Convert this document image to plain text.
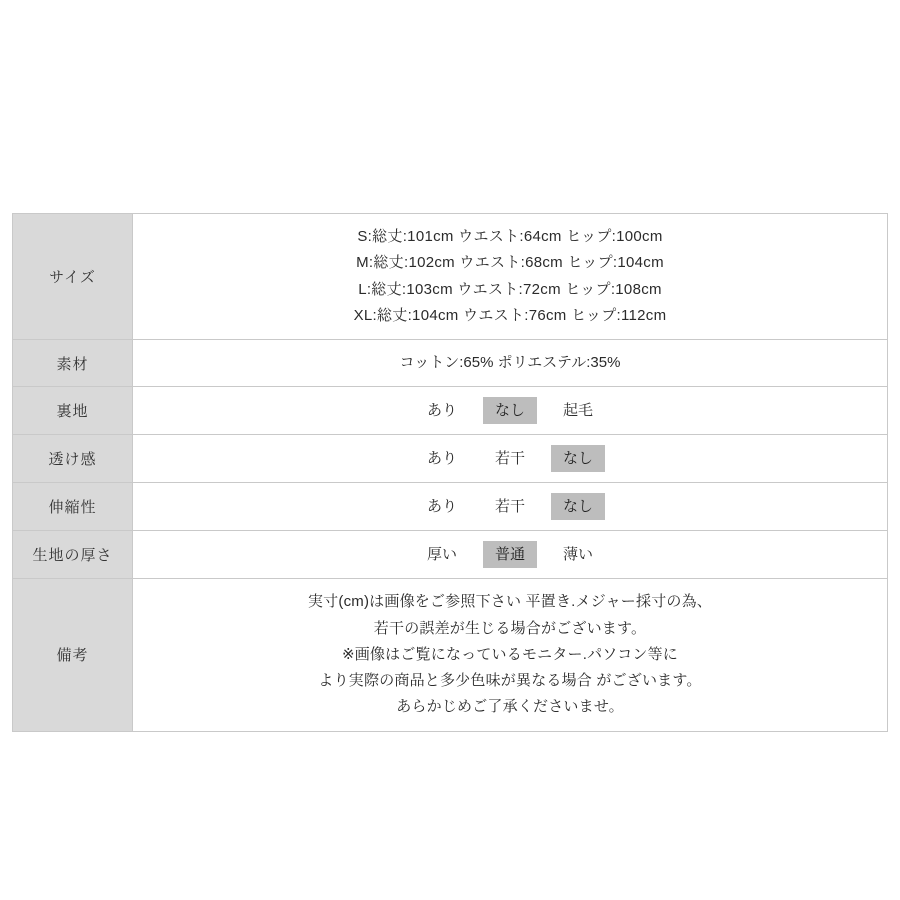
サイズ	S:総丈:101cm ウエスト:64cm ヒップ:100cm
M:総丈:102cm ウエスト:68cm ヒップ:104cm
L:総丈:103cm ウエスト:72cm ヒップ:108cm
XL:総丈:104cm ウエスト:76cm ヒップ:112cm

素材	コットン:65% ポリエステル:35%

裏地	あり なし 起毛

透け感	あり 若干 なし

伸縮性	あり 若干 なし

生地の厚さ	厚い 普通 薄い

備考	実寸(cm)は画像をご参照下さい 平置き.メジャー採寸の為、
若干の誤差が生じる場合がございます。
※画像はご覧になっているモニター.パソコン等に
より実際の商品と多少色味が異なる場合 がございます。
あらかじめご了承くださいませ。
